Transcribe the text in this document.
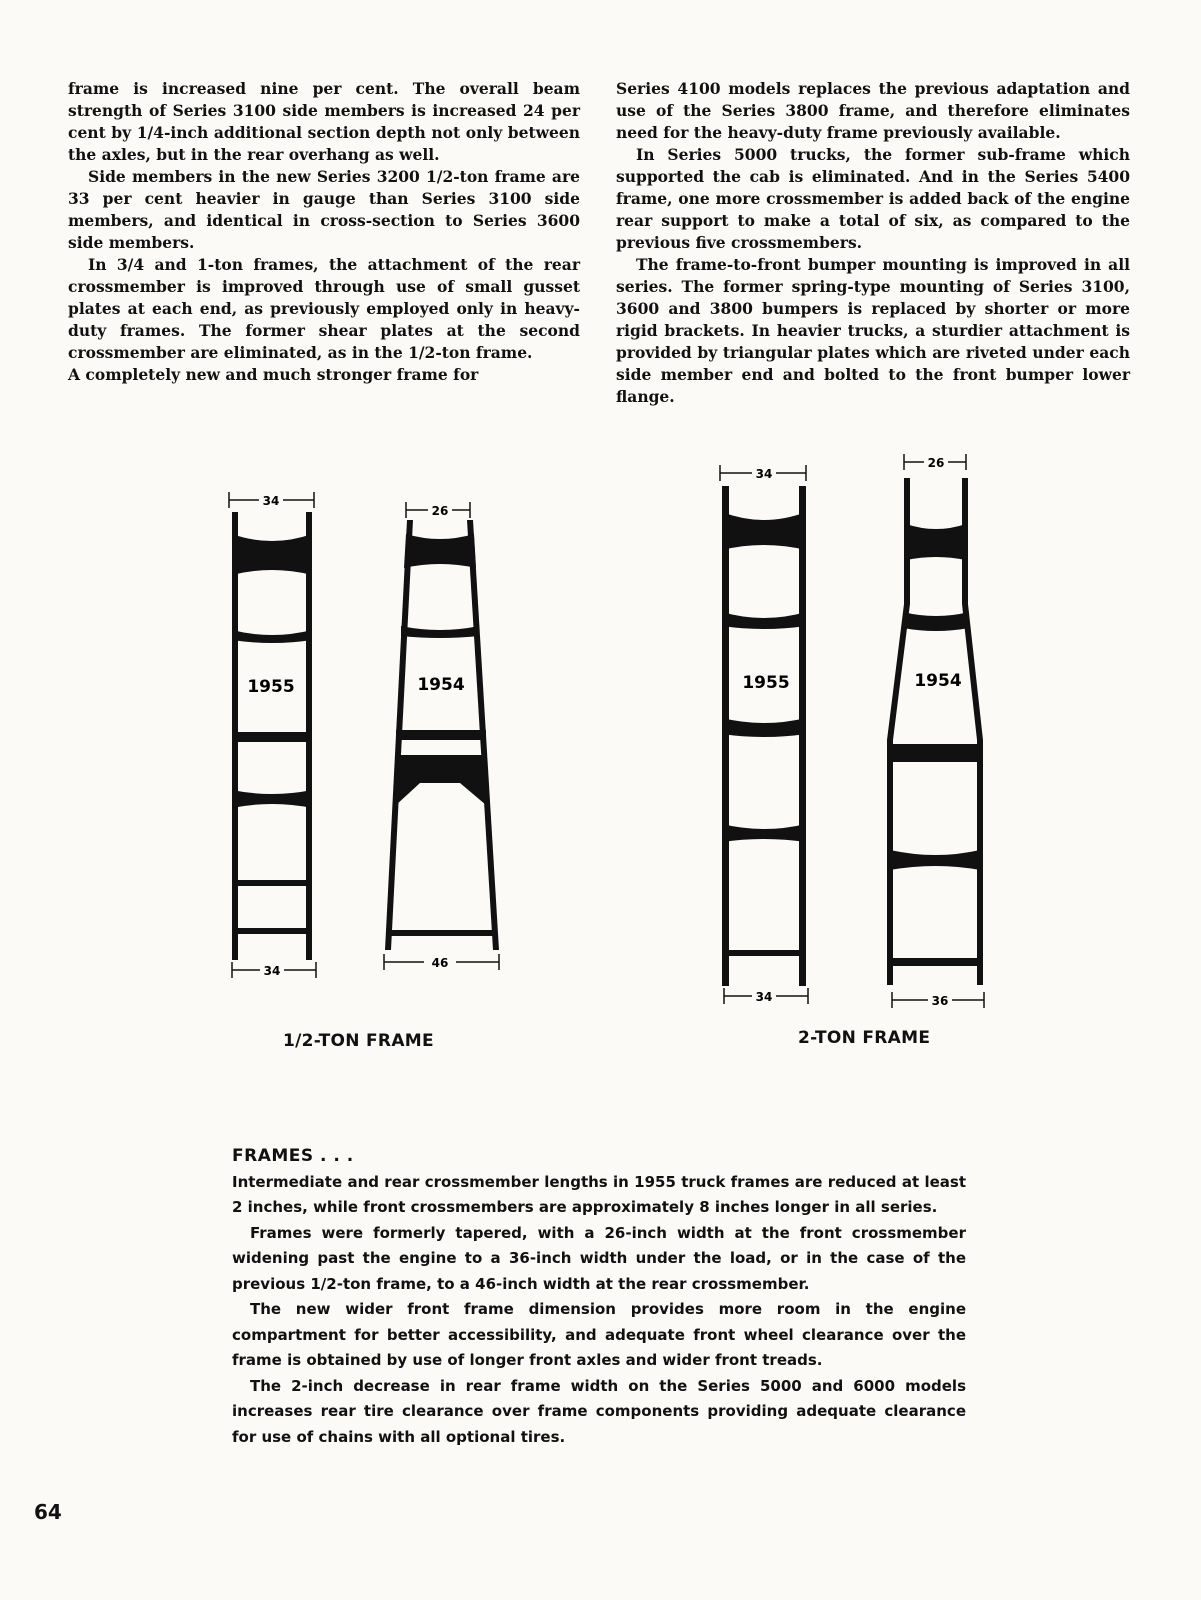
frame is increased nine per cent. The overall beam strength of Series 3100 side members is increased 24 per cent by 1/4-inch additional section depth not only between the axles, but in the rear overhang as well.

Side members in the new Series 3200 1/2-ton frame are 33 per cent heavier in gauge than Series 3100 side members, and identical in cross-section to Series 3600 side members.

In 3/4 and 1-ton frames, the attachment of the rear crossmember is improved through use of small gusset plates at each end, as previously employed only in heavy-duty frames. The former shear plates at the second crossmember are eliminated, as in the 1/2-ton frame.

A completely new and much stronger frame for

Series 4100 models replaces the previous adaptation and use of the Series 3800 frame, and therefore eliminates need for the heavy-duty frame previously available.

In Series 5000 trucks, the former sub-frame which supported the cab is eliminated. And in the Series 5400 frame, one more crossmember is added back of the engine rear support to make a total of six, as compared to the previous five crossmembers.

The frame-to-front bumper mounting is improved in all series. The former spring-type mounting of Series 3100, 3600 and 3800 bumpers is replaced by shorter or more rigid brackets. In heavier trucks, a sturdier attachment is provided by triangular plates which are riveted under each side member end and bolted to the front bumper lower flange.

34
1955
34
26
1954
46
34
1955
34
26
1954
36
1/2-TON FRAME	2-TON FRAME

FRAMES . . .

Intermediate and rear crossmember lengths in 1955 truck frames are reduced at least 2 inches, while front crossmembers are approximately 8 inches longer in all series.

Frames were formerly tapered, with a 26-inch width at the front crossmember widening past the engine to a 36-inch width under the load, or in the case of the previous 1/2-ton frame, to a 46-inch width at the rear crossmember.

The new wider front frame dimension provides more room in the engine compartment for better accessibility, and adequate front wheel clearance over the frame is obtained by use of longer front axles and wider front treads.

The 2-inch decrease in rear frame width on the Series 5000 and 6000 models increases rear tire clearance over frame components providing adequate clearance for use of chains with all optional tires.

64
